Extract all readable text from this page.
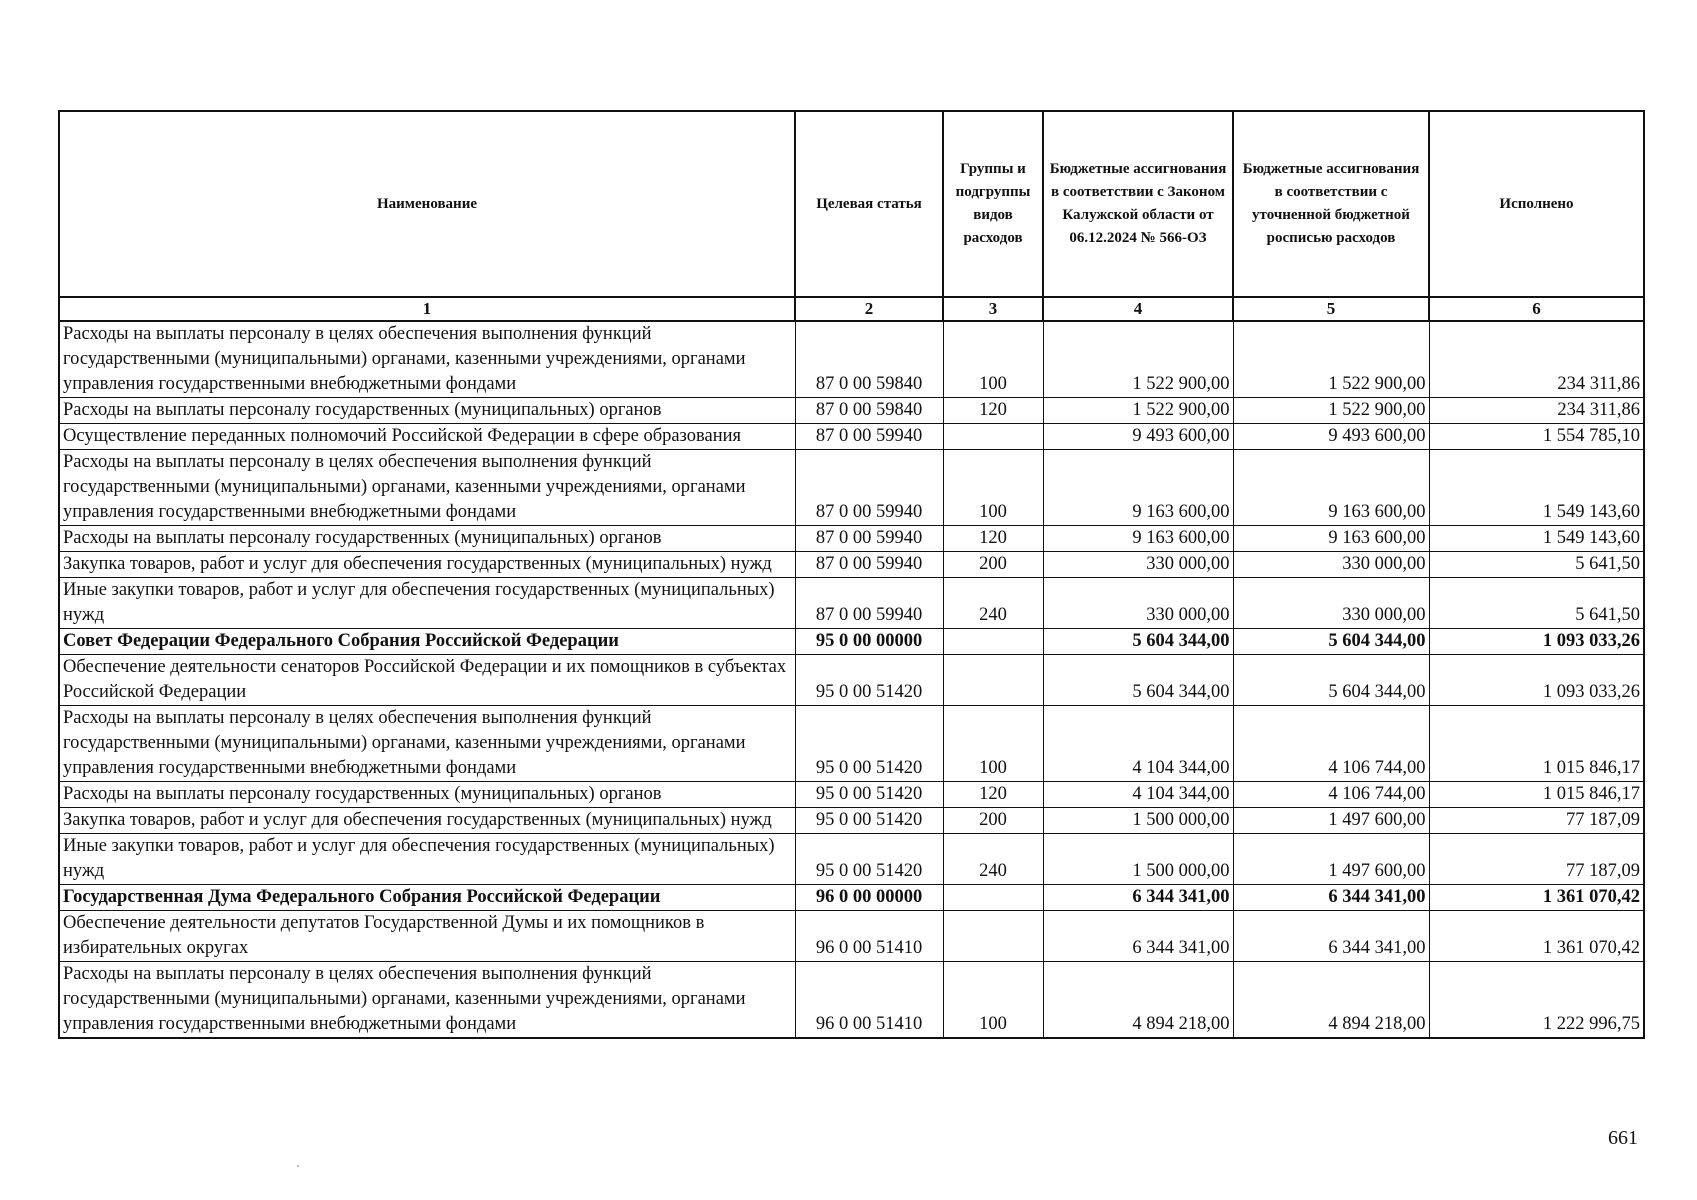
Наименование	Целевая статья	Группы и подгруппы видов расходов	Бюджетные ассигнования в соответствии с Законом Калужской области от 06.12.2024 № 566-ОЗ	Бюджетные ассигнования в соответствии с уточненной бюджетной росписью расходов	Исполнено
1	2	3	4	5	6
Расходы на выплаты персоналу в целях обеспечения выполнения функций государственными (муниципальными) органами, казенными учреждениями, органами управления государственными внебюджетными фондами	87 0 00 59840	100	1 522 900,00	1 522 900,00	234 311,86
Расходы на выплаты персоналу государственных (муниципальных) органов	87 0 00 59840	120	1 522 900,00	1 522 900,00	234 311,86
Осуществление переданных полномочий Российской Федерации в сфере образования	87 0 00 59940		9 493 600,00	9 493 600,00	1 554 785,10
Расходы на выплаты персоналу в целях обеспечения выполнения функций государственными (муниципальными) органами, казенными учреждениями, органами управления государственными внебюджетными фондами	87 0 00 59940	100	9 163 600,00	9 163 600,00	1 549 143,60
Расходы на выплаты персоналу государственных (муниципальных) органов	87 0 00 59940	120	9 163 600,00	9 163 600,00	1 549 143,60
Закупка товаров, работ и услуг для обеспечения государственных (муниципальных) нужд	87 0 00 59940	200	330 000,00	330 000,00	5 641,50
Иные закупки товаров, работ и услуг для обеспечения государственных (муниципальных) нужд	87 0 00 59940	240	330 000,00	330 000,00	5 641,50
Совет Федерации Федерального Собрания Российской Федерации	95 0 00 00000		5 604 344,00	5 604 344,00	1 093 033,26
Обеспечение деятельности сенаторов Российской Федерации и их помощников в субъектах Российской Федерации	95 0 00 51420		5 604 344,00	5 604 344,00	1 093 033,26
Расходы на выплаты персоналу в целях обеспечения выполнения функций государственными (муниципальными) органами, казенными учреждениями, органами управления государственными внебюджетными фондами	95 0 00 51420	100	4 104 344,00	4 106 744,00	1 015 846,17
Расходы на выплаты персоналу государственных (муниципальных) органов	95 0 00 51420	120	4 104 344,00	4 106 744,00	1 015 846,17
Закупка товаров, работ и услуг для обеспечения государственных (муниципальных) нужд	95 0 00 51420	200	1 500 000,00	1 497 600,00	77 187,09
Иные закупки товаров, работ и услуг для обеспечения государственных (муниципальных) нужд	95 0 00 51420	240	1 500 000,00	1 497 600,00	77 187,09
Государственная Дума Федерального Собрания Российской Федерации	96 0 00 00000		6 344 341,00	6 344 341,00	1 361 070,42
Обеспечение деятельности депутатов Государственной Думы и их помощников в избирательных округах	96 0 00 51410		6 344 341,00	6 344 341,00	1 361 070,42
Расходы на выплаты персоналу в целях обеспечения выполнения функций государственными (муниципальными) органами, казенными учреждениями, органами управления государственными внебюджетными фондами	96 0 00 51410	100	4 894 218,00	4 894 218,00	1 222 996,75
661
